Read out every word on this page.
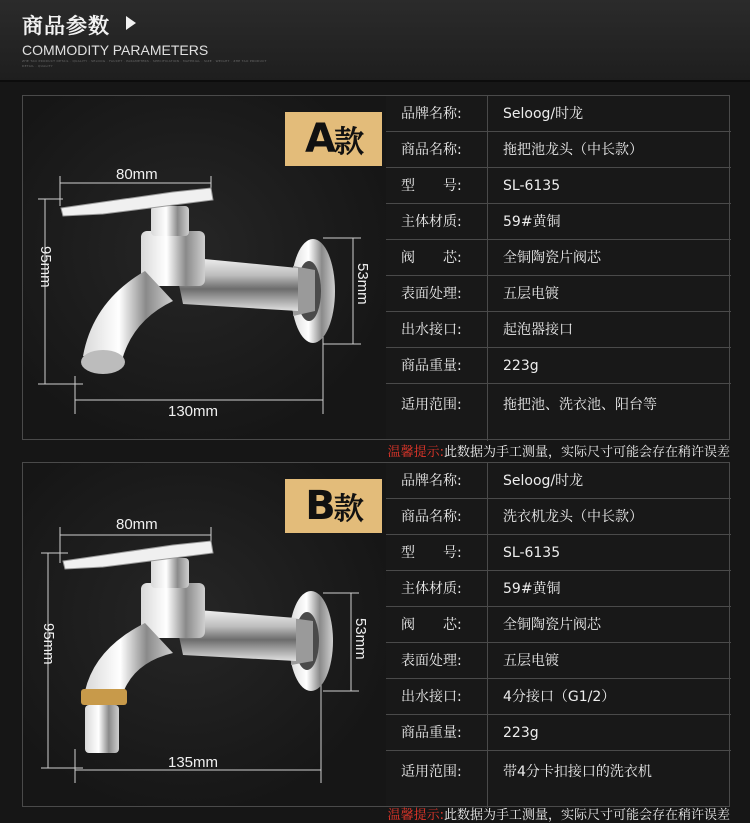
商品参数
COMMODITY PARAMETERS
ZHE TAO PRODUCT DETAIL · QUALITY · SELOOG · FAUCET · PARAMETERS · SPECIFICATION · MATERIAL · SIZE · WEIGHT · ZHE TAO PRODUCT DETAIL · QUALITY
80mm
95mm	53mm
130mm
A款
品牌名称:	Seloog/时龙
商品名称:	拖把池龙头（中长款）
型　　号:	SL-6135
主体材质:	59#黄铜
阀　　芯:	全铜陶瓷片阀芯
表面处理:	五层电镀
出水接口:	起泡器接口
商品重量:	223g
适用范围:	拖把池、洗衣池、阳台等
温馨提示:此数据为手工测量，实际尺寸可能会存在稍许误差
80mm
95mm	53mm
135mm
B款
品牌名称:	Seloog/时龙
商品名称:	洗衣机龙头（中长款）
型　　号:	SL-6135
主体材质:	59#黄铜
阀　　芯:	全铜陶瓷片阀芯
表面处理:	五层电镀
出水接口:	4分接口（G1/2）
商品重量:	223g
适用范围:	带4分卡扣接口的洗衣机
温馨提示:此数据为手工测量，实际尺寸可能会存在稍许误差
